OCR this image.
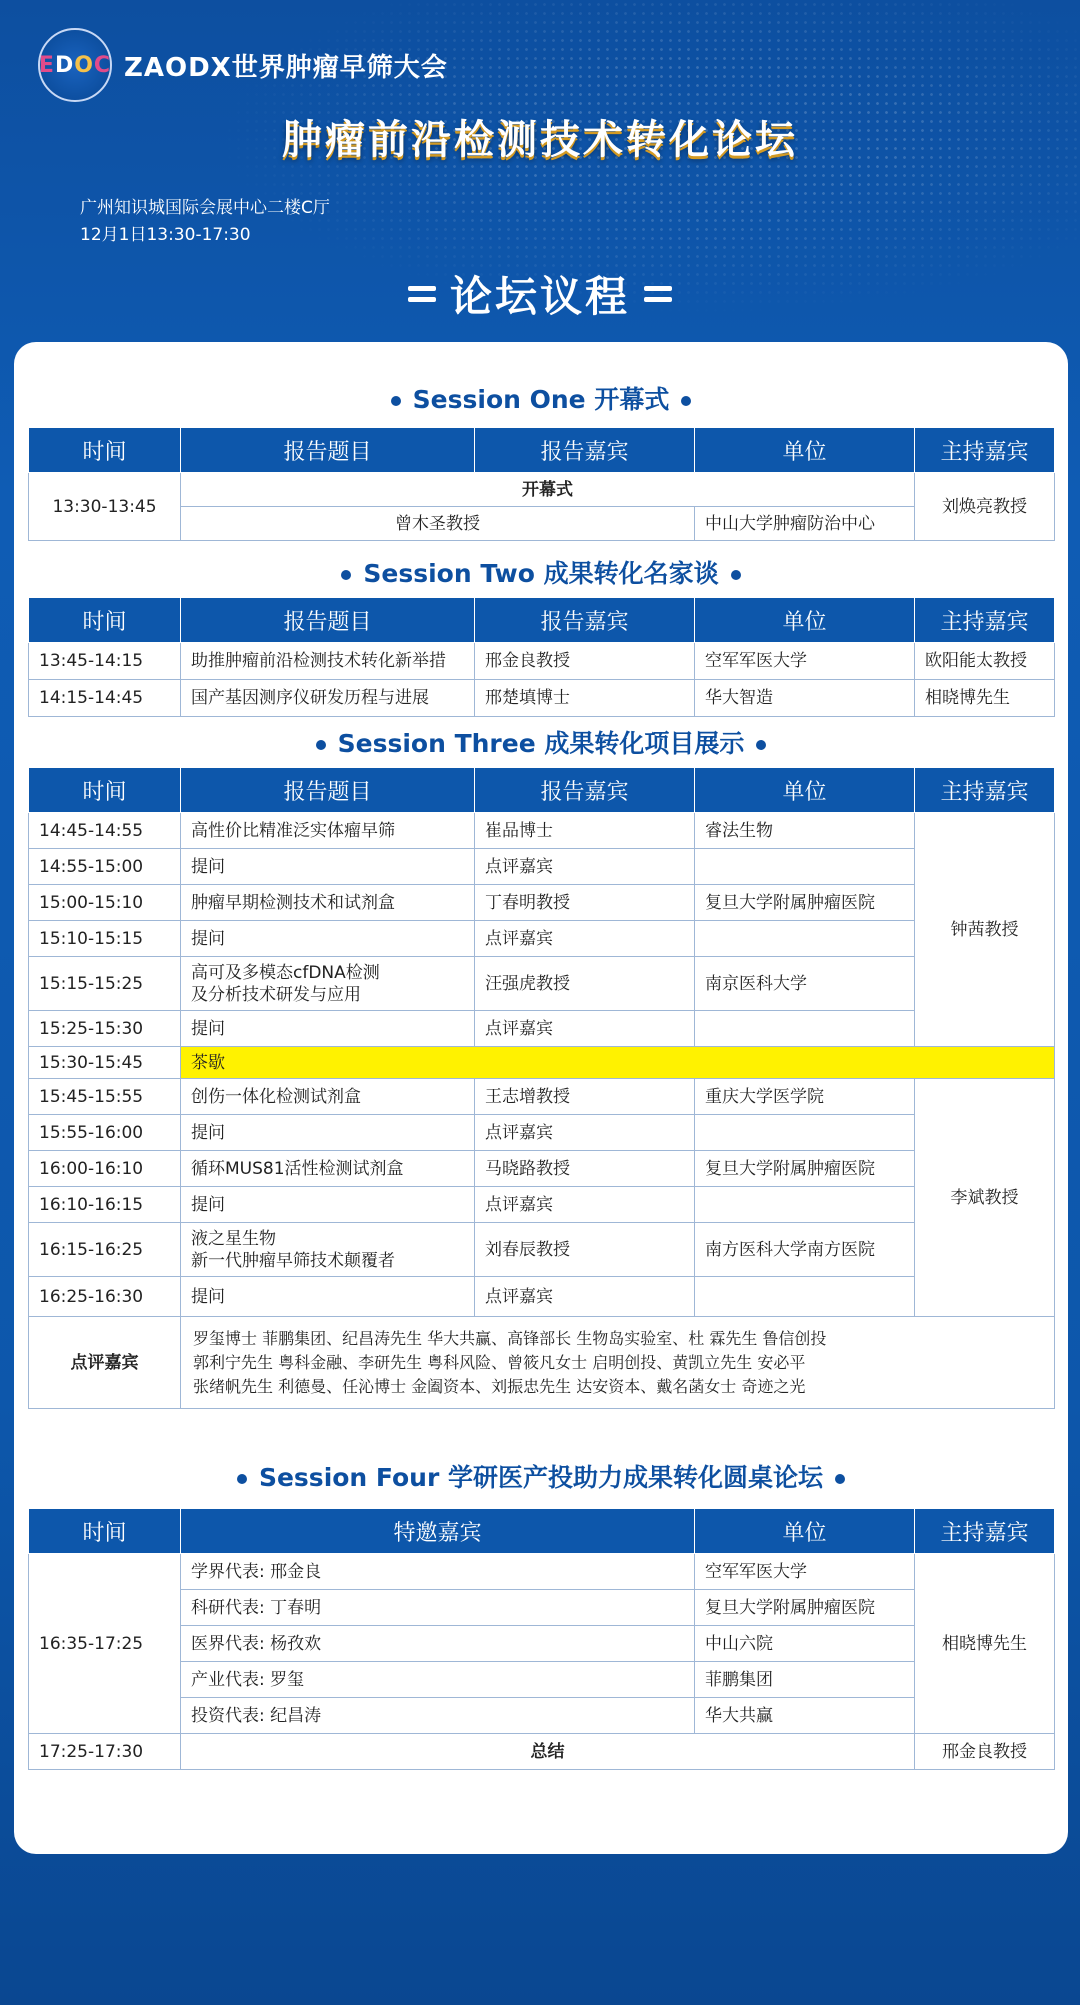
EDOC ZAODX世界肿瘤早筛大会
肿瘤前沿检测技术转化论坛
广州知识城国际会展中心二楼C厅
12月1日13:30-17:30
论坛议程
Session One 开幕式
时间	报告题目	报告嘉宾	单位	主持嘉宾
13:30-13:45	开幕式			刘焕亮教授
	曾木圣教授		中山大学肿瘤防治中心	
Session Two 成果转化名家谈
时间	报告题目	报告嘉宾	单位	主持嘉宾
13:45-14:15	助推肿瘤前沿检测技术转化新举措	邢金良教授	空军军医大学	欧阳能太教授
14:15-14:45	国产基因测序仪研发历程与进展	邢楚填博士	华大智造	相晓博先生
Session Three 成果转化项目展示
时间	报告题目	报告嘉宾	单位	主持嘉宾
14:45-14:55	高性价比精准泛实体瘤早筛	崔品博士	睿法生物	钟茜教授
14:55-15:00	提问	点评嘉宾		
15:00-15:10	肿瘤早期检测技术和试剂盒	丁春明教授	复旦大学附属肿瘤医院	
15:10-15:15	提问	点评嘉宾		
15:15-15:25	高可及多模态cfDNA检测
及分析技术研发与应用	汪强虎教授	南京医科大学	
15:25-15:30	提问	点评嘉宾		
15:30-15:45	茶歇			
15:45-15:55	创伤一体化检测试剂盒	王志增教授	重庆大学医学院	李斌教授
15:55-16:00	提问	点评嘉宾		
16:00-16:10	循环MUS81活性检测试剂盒	马晓路教授	复旦大学附属肿瘤医院	
16:10-16:15	提问	点评嘉宾		
16:15-16:25	液之星生物
新一代肿瘤早筛技术颠覆者	刘春辰教授	南方医科大学南方医院	
16:25-16:30	提问	点评嘉宾		
点评嘉宾	罗玺博士 菲鹏集团、纪昌涛先生 华大共赢、高锋部长 生物岛实验室、杜 霖先生 鲁信创投
郭利宁先生 粤科金融、李研先生 粤科风险、曾筱凡女士 启明创投、黄凯立先生 安必平
张绪帆先生 利德曼、任沁博士 金阖资本、刘振忠先生 达安资本、戴名菡女士 奇迹之光			
Session Four 学研医产投助力成果转化圆桌论坛
时间	特邀嘉宾	单位	主持嘉宾
16:35-17:25	学界代表: 邢金良	空军军医大学	相晓博先生
	科研代表: 丁春明	复旦大学附属肿瘤医院	
	医界代表: 杨孜欢	中山六院	
	产业代表: 罗玺	菲鹏集团	
	投资代表: 纪昌涛	华大共赢	
17:25-17:30	总结		邢金良教授
